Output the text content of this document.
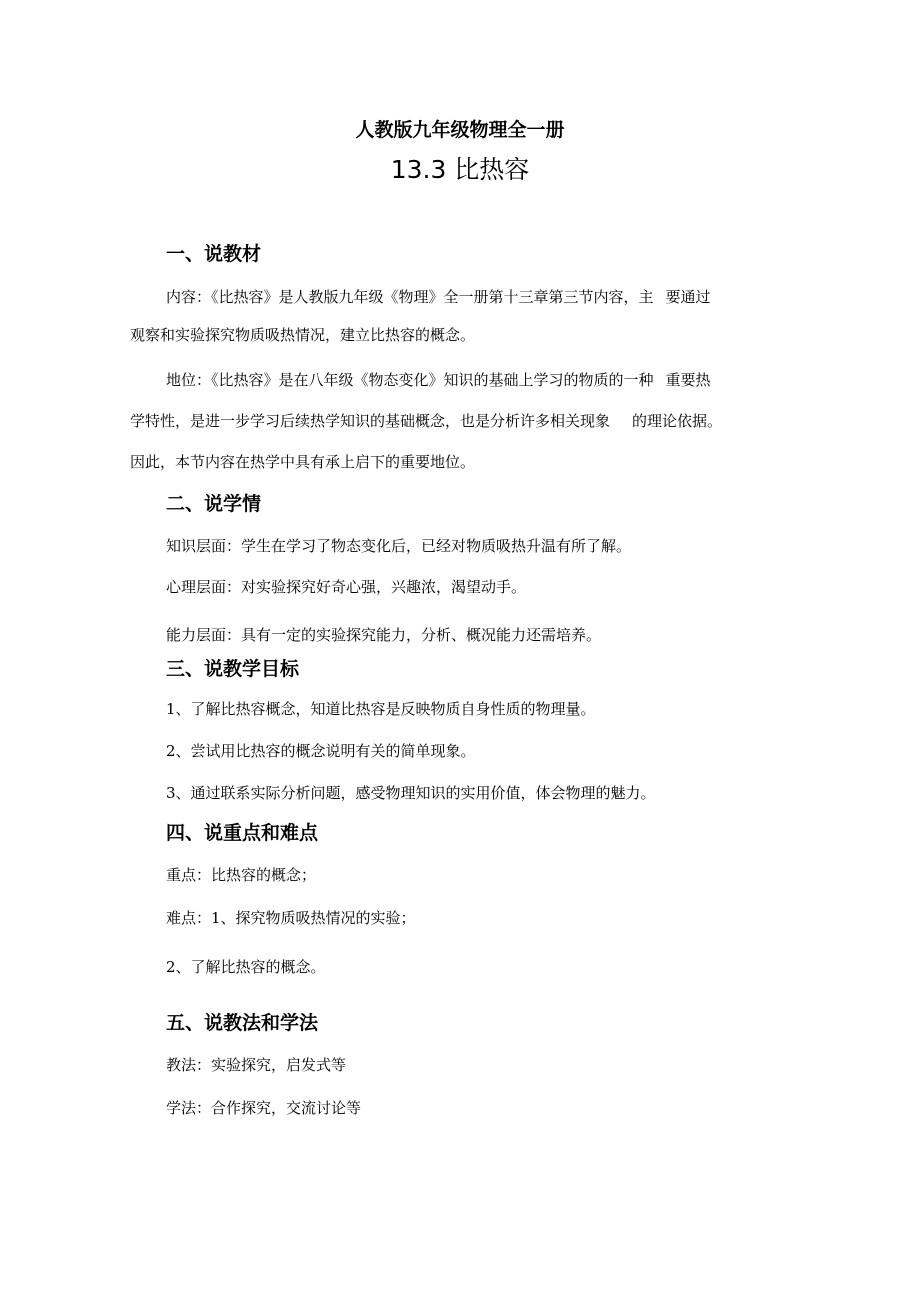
人教版九年级物理全一册
13.3 比热容
一、说教材
内容：《比热容》是人教版九年级《物理》全一册第十三章第三节内容，主 要通过
观察和实验探究物质吸热情况，建立比热容的概念。
地位：《比热容》是在八年级《物态变化》知识的基础上学习的物质的一种 重要热
学特性，是进一步学习后续热学知识的基础概念，也是分析许多相关现象 的理论依据。
因此，本节内容在热学中具有承上启下的重要地位。
二、说学情
知识层面：学生在学习了物态变化后，已经对物质吸热升温有所了解。
心理层面：对实验探究好奇心强，兴趣浓，渴望动手。
能力层面：具有一定的实验探究能力，分析、概况能力还需培养。
三、说教学目标
1、了解比热容概念，知道比热容是反映物质自身性质的物理量。
2、尝试用比热容的概念说明有关的简单现象。
3、通过联系实际分析问题，感受物理知识的实用价值，体会物理的魅力。
四、说重点和难点
重点：比热容的概念；
难点：1、探究物质吸热情况的实验；
2、了解比热容的概念。
五、说教法和学法
教法：实验探究，启发式等
学法：合作探究，交流讨论等
